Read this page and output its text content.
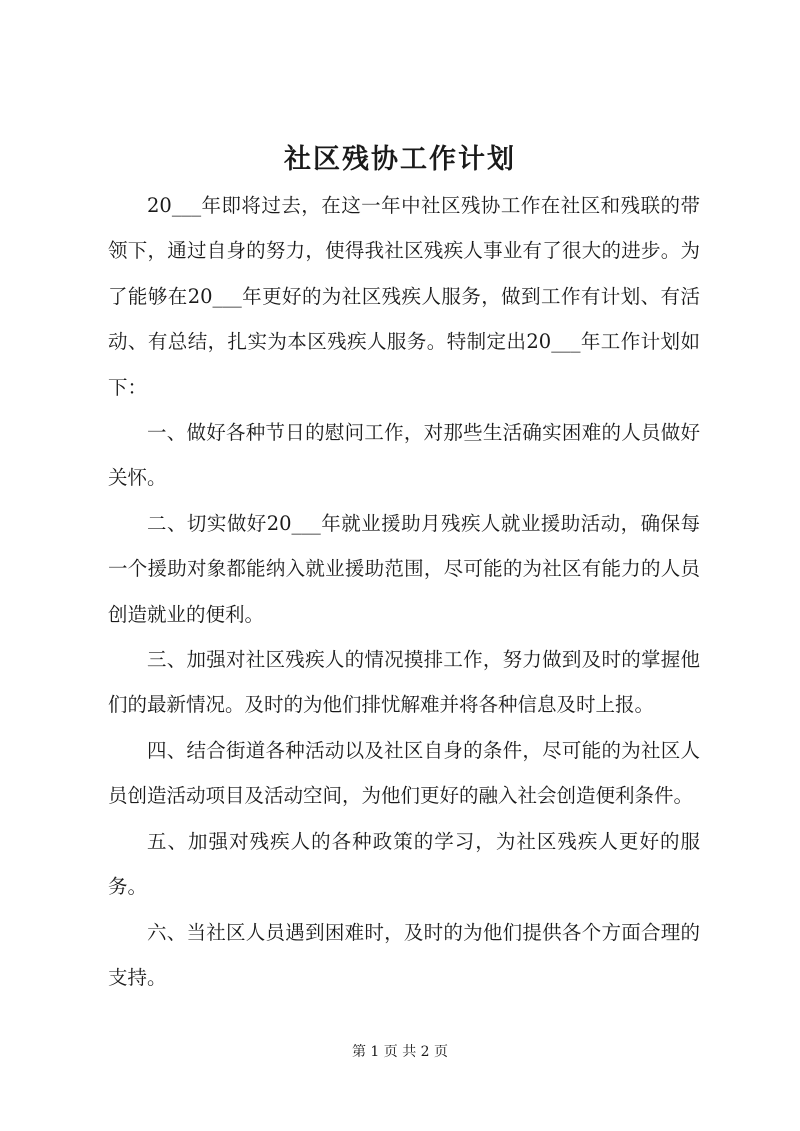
社区残协工作计划

20___年即将过去，在这一年中社区残协工作在社区和残联的带领下，通过自身的努力，使得我社区残疾人事业有了很大的进步。为了能够在20___年更好的为社区残疾人服务，做到工作有计划、有活动、有总结，扎实为本区残疾人服务。特制定出20___年工作计划如下：

一、做好各种节日的慰问工作，对那些生活确实困难的人员做好关怀。

二、切实做好20___年就业援助月残疾人就业援助活动，确保每一个援助对象都能纳入就业援助范围，尽可能的为社区有能力的人员创造就业的便利。

三、加强对社区残疾人的情况摸排工作，努力做到及时的掌握他们的最新情况。及时的为他们排忧解难并将各种信息及时上报。

四、结合街道各种活动以及社区自身的条件，尽可能的为社区人员创造活动项目及活动空间，为他们更好的融入社会创造便利条件。

五、加强对残疾人的各种政策的学习，为社区残疾人更好的服务。

六、当社区人员遇到困难时，及时的为他们提供各个方面合理的支持。

第 1 页 共 2 页
